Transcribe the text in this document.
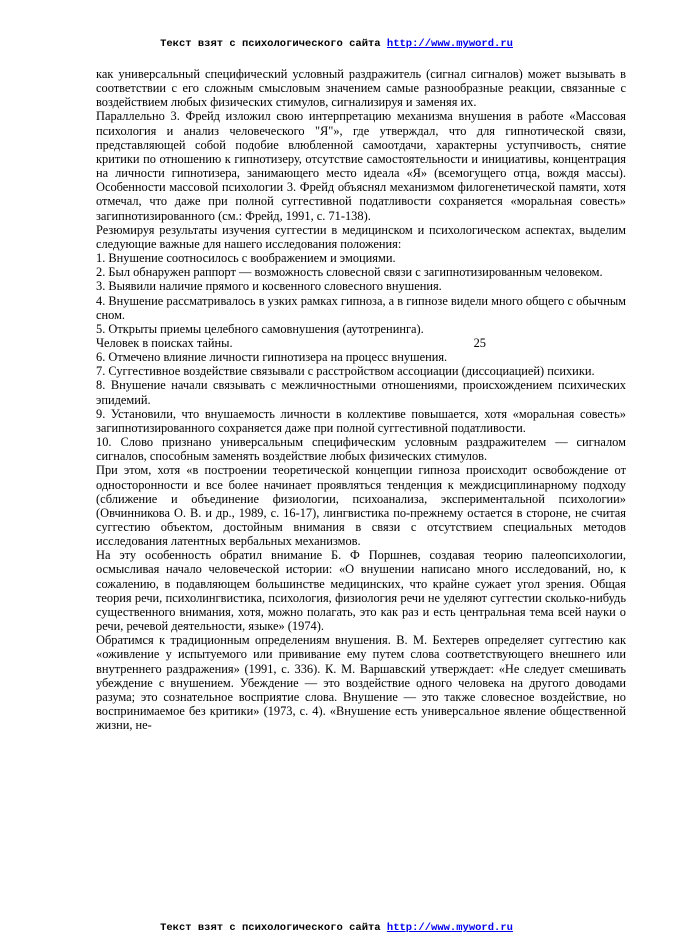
Текст взят с психологического сайта http://www.myword.ru

как универсальный специфический условный раздражитель (сигнал сигналов) может вызывать в соответствии с его сложным смысловым значением самые разнообразные реакции, связанные с воздействием любых физических стимулов, сигнализируя и заменяя их.

Параллельно 3. Фрейд изложил свою интерпретацию механизма внушения в работе «Массовая психология и анализ человеческого "Я"», где утверждал, что для гипнотической связи, представляющей собой подобие влюбленной самоотдачи, характерны уступчивость, снятие критики по отношению к гипнотизеру, отсутствие самостоятельности и инициативы, концентрация на личности гипнотизера, занимающего место идеала «Я» (всемогущего отца, вождя массы). Особенности массовой психологии 3. Фрейд объяснял механизмом филогенетической памяти, хотя отмечал, что даже при полной суггестивной податливости сохраняется «моральная совесть» загипнотизированного (см.: Фрейд, 1991, с. 71-138).

Резюмируя результаты изучения суггестии в медицинском и психологическом аспектах, выделим следующие важные для нашего исследования положения:

1. Внушение соотносилось с воображением и эмоциями.

2. Был обнаружен раппорт — возможность словесной связи с загипнотизированным человеком.

3. Выявили наличие прямого и косвенного словесного внушения.

4. Внушение рассматривалось в узких рамках гипноза, а в гипнозе видели много общего с обычным сном.

5. Открыты приемы целебного самовнушения (аутотренинга).

Человек в поисках тайны.	25

6. Отмечено влияние личности гипнотизера на процесс внушения.

7. Суггестивное воздействие связывали с расстройством ассоциации (диссоциацией) психики.

8. Внушение начали связывать с межличностными отношениями, происхождением психических эпидемий.

9. Установили, что внушаемость личности в коллективе повышается, хотя «моральная совесть» загипнотизированного сохраняется даже при полной суггестивной податливости.

10. Слово признано универсальным специфическим условным раздражителем — сигналом сигналов, способным заменять воздействие любых физических стимулов.

При этом, хотя «в построении теоретической концепции гипноза происходит освобождение от односторонности и все более начинает проявляться тенденция к междисциплинарному подходу (сближение и объединение физиологии, психоанализа, экспериментальной психологии» (Овчинникова О. В. и др., 1989, с. 16-17), лингвистика по-прежнему остается в стороне, не считая суггестию объектом, достойным внимания в связи с отсутствием специальных методов исследования латентных вербальных механизмов.

На эту особенность обратил внимание Б. Ф Поршнев, создавая теорию палеопсихологии, осмысливая начало человеческой истории: «О внушении написано много исследований, но, к сожалению, в подавляющем большинстве медицинских, что крайне сужает угол зрения. Общая теория речи, психолингвистика, психология, физиология речи не уделяют суггестии сколько-нибудь существенного внимания, хотя, можно полагать, это как раз и есть центральная тема всей науки о речи, речевой деятельности, языке» (1974).

Обратимся к традиционным определениям внушения. В. М. Бехтерев определяет суггестию как «оживление у испытуемого или прививание ему путем слова соответствующего внешнего или внутреннего раздражения» (1991, с. 336). К. М. Варшавский утверждает: «Не следует смешивать убеждение с внушением. Убеждение — это воздействие одного человека на другого доводами разума; это сознательное восприятие слова. Внушение — это также словесное воздействие, но воспринимаемое без критики» (1973, с. 4). «Внушение есть универсальное явление общественной жизни, не-

Текст взят с психологического сайта http://www.myword.ru
